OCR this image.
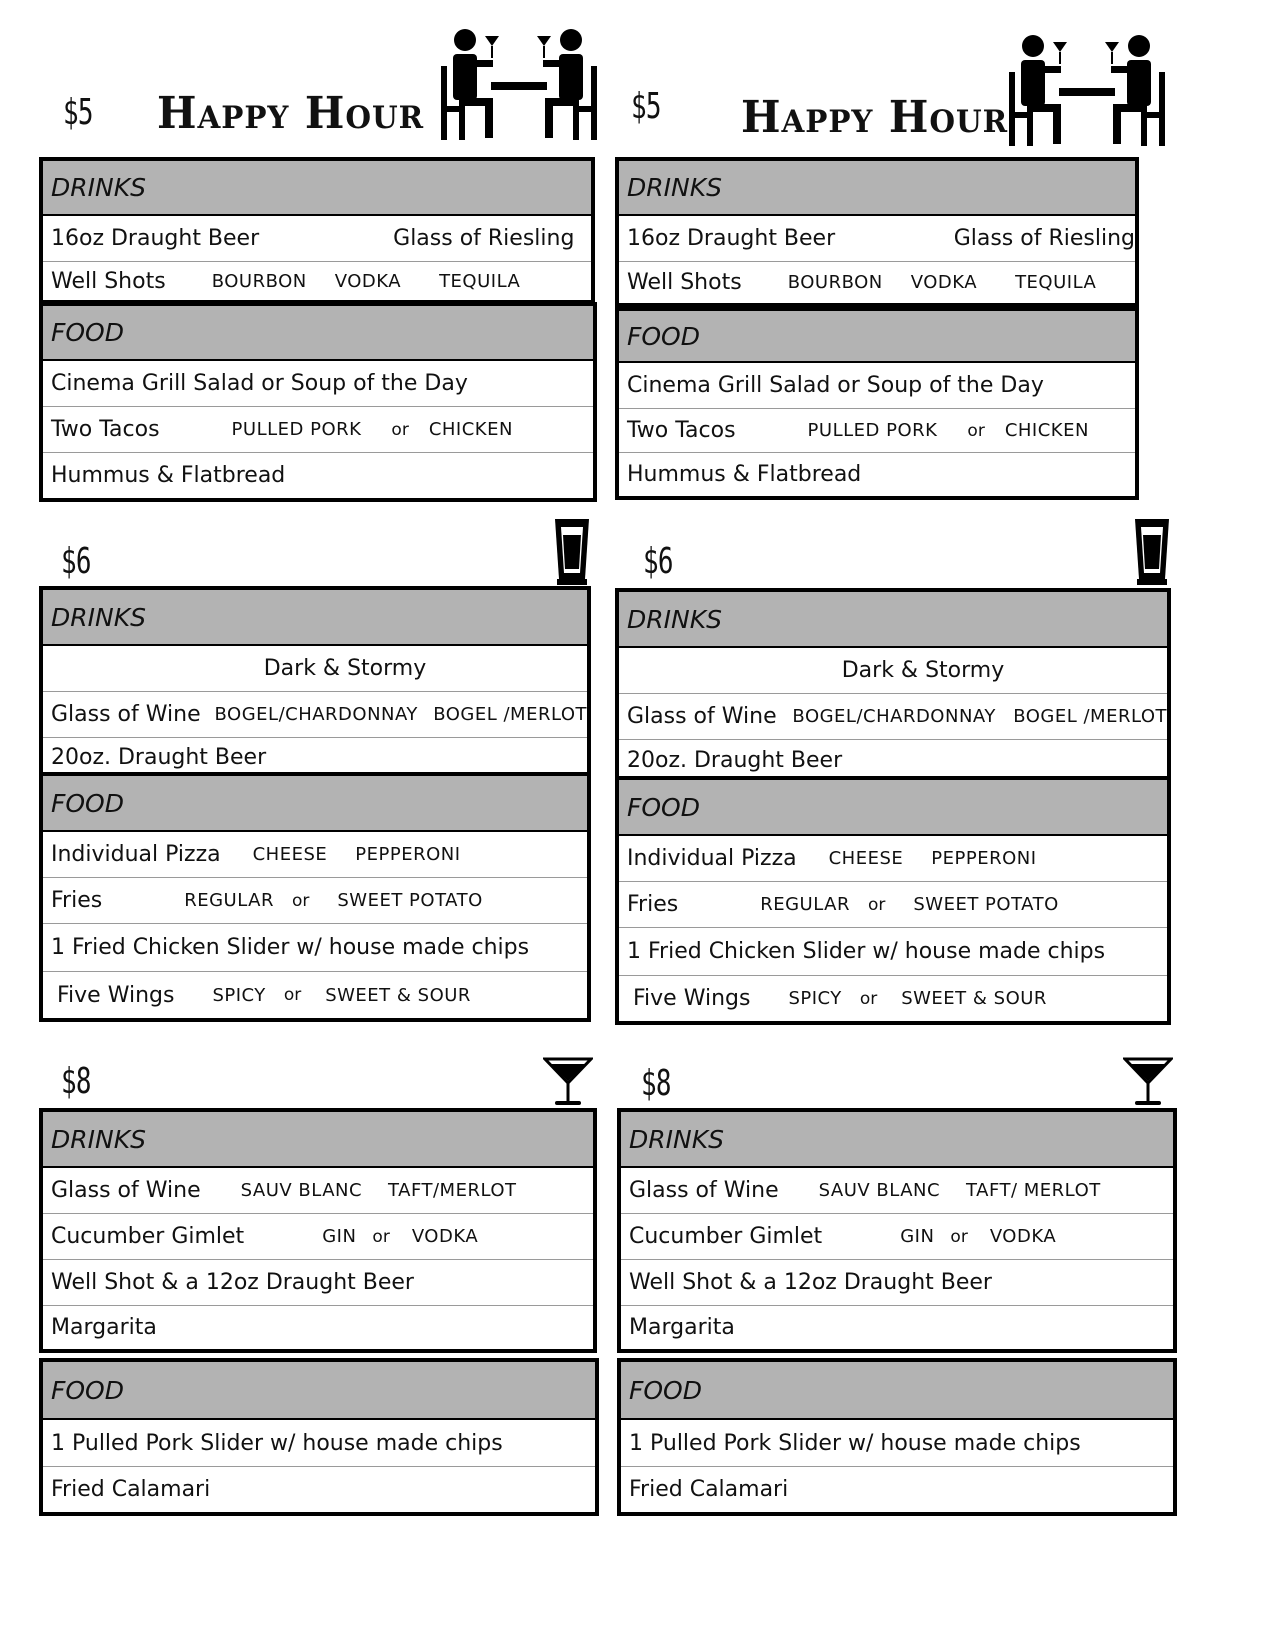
$5 Happy Hour
DRINKS
16oz Draught Beer	Glass of Riesling
Well Shots	BOURBON VODKA TEQUILA
FOOD
Cinema Grill Salad or Soup of the Day
Two Tacos	PULLED PORK or CHICKEN
Hummus & Flatbread
$6
DRINKS
Dark & Stormy
Glass of Wine BOGEL/CHARDONNAY BOGEL /MERLOT
20oz. Draught Beer
FOOD
Individual Pizza CHEESE PEPPERONI
Fries	REGULAR or SWEET POTATO
1 Fried Chicken Slider w/ house made chips
Five Wings SPICY or SWEET & SOUR
$8
DRINKS
Glass of Wine SAUV BLANC TAFT/MERLOT
Cucumber Gimlet	GIN or VODKA
Well Shot & a 12oz Draught Beer
Margarita
FOOD
1 Pulled Pork Slider w/ house made chips
Fried Calamari
$5 Happy Hour
DRINKS
16oz Draught Beer	Glass of Riesling
Well Shots	BOURBON VODKA TEQUILA
FOOD
Cinema Grill Salad or Soup of the Day
Two Tacos	PULLED PORK or CHICKEN
Hummus & Flatbread
$6
DRINKS
Dark & Stormy
Glass of Wine BOGEL/CHARDONNAY BOGEL /MERLOT
20oz. Draught Beer
FOOD
Individual Pizza CHEESE PEPPERONI
Fries	REGULAR or SWEET POTATO
1 Fried Chicken Slider w/ house made chips
Five Wings SPICY or SWEET & SOUR
$8
DRINKS
Glass of Wine SAUV BLANC TAFT/ MERLOT
Cucumber Gimlet	GIN or VODKA
Well Shot & a 12oz Draught Beer
Margarita
FOOD
1 Pulled Pork Slider w/ house made chips
Fried Calamari
